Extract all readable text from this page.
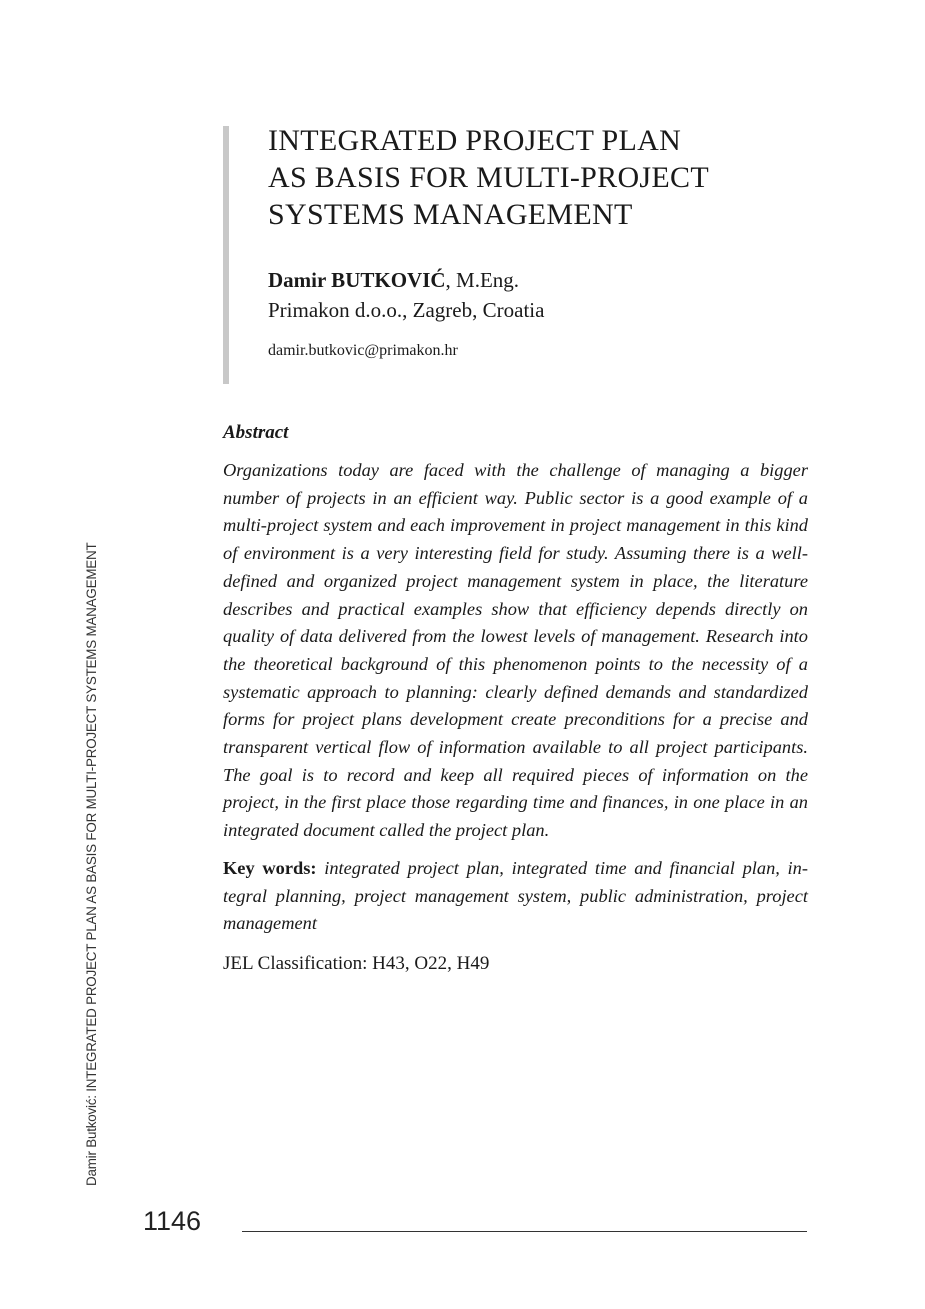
INTEGRATED PROJECT PLAN
AS BASIS FOR MULTI-PROJECT
SYSTEMS MANAGEMENT
Damir BUTKOVIĆ, M.Eng.
Primakon d.o.o., Zagreb, Croatia
damir.butkovic@primakon.hr
Abstract
Organizations today are faced with the challenge of managing a bigger number of projects in an efficient way. Public sector is a good example of a multi-project system and each improvement in project management in this kind of environment is a very interesting field for study. Assuming there is a well-defined and organized project management system in place, the literature describes and practical examples show that efficiency depends directly on quality of data delivered from the lowest levels of management. Research into the theoretical background of this phenomenon points to the necessity of a systematic approach to planning: clearly defined demands and standardized forms for project plans development create preconditions for a precise and transparent vertical flow of information available to all project participants. The goal is to record and keep all required pieces of information on the project, in the first place those regarding time and finances, in one place in an integrated document called the project plan.
Key words: integrated project plan, integrated time and financial plan, integral planning, project management system, public administration, project management
JEL Classification: H43, O22, H49
Damir Butković: INTEGRATED PROJECT PLAN AS BASIS FOR MULTI-PROJECT SYSTEMS MANAGEMENT
1146
